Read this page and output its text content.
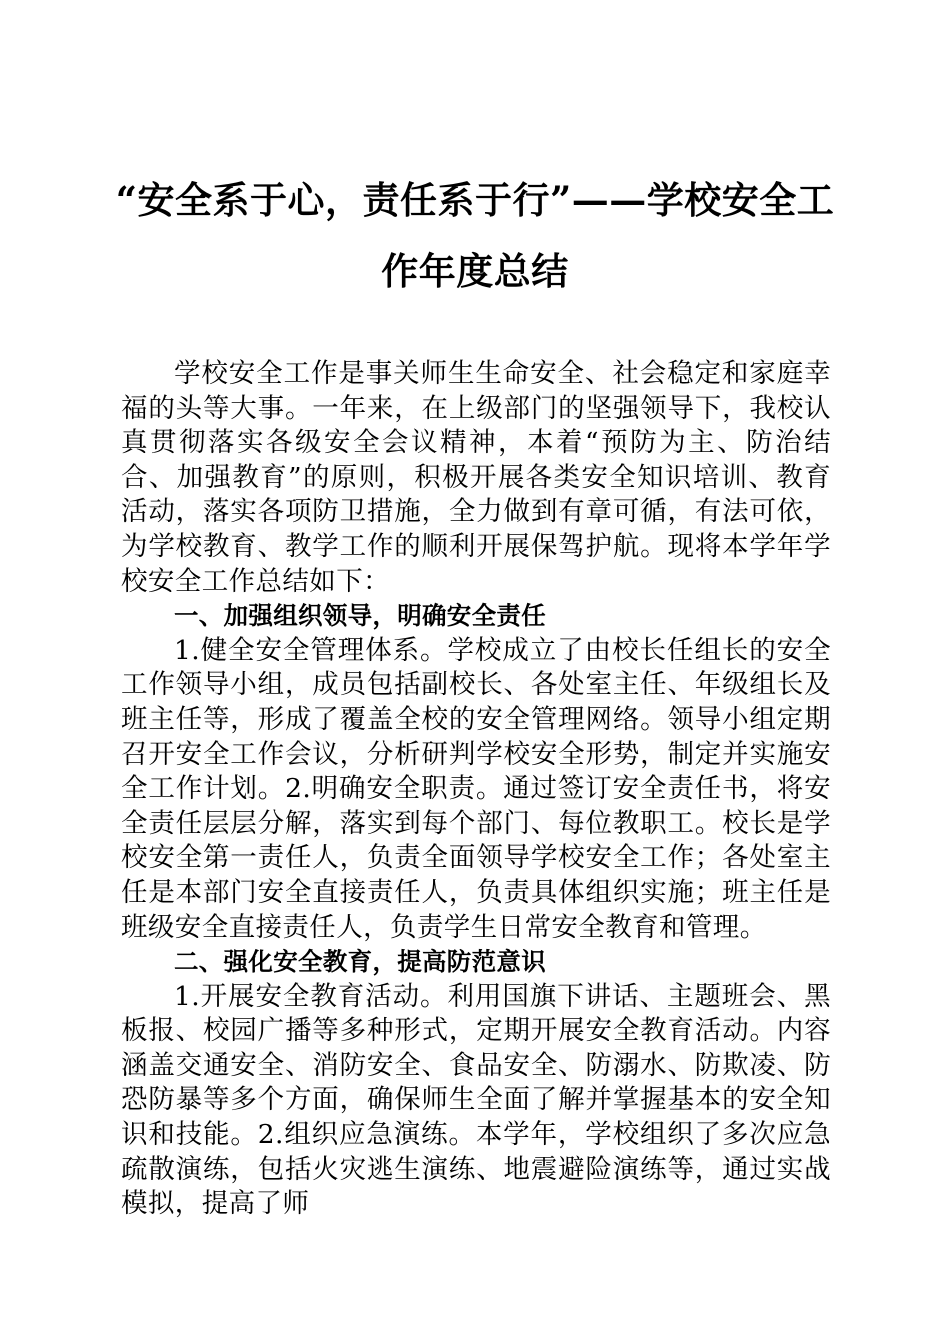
“安全系于心，责任系于行”——学校安全工
作年度总结

学校安全工作是事关师生生命安全、社会稳定和家庭幸福的头等大事。一年来，在上级部门的坚强领导下，我校认真贯彻落实各级安全会议精神，本着“预防为主、防治结合、加强教育”的原则，积极开展各类安全知识培训、教育活动，落实各项防卫措施，全力做到有章可循，有法可依，为学校教育、教学工作的顺利开展保驾护航。现将本学年学校安全工作总结如下：

一、加强组织领导，明确安全责任

1.健全安全管理体系。学校成立了由校长任组长的安全工作领导小组，成员包括副校长、各处室主任、年级组长及班主任等，形成了覆盖全校的安全管理网络。领导小组定期召开安全工作会议，分析研判学校安全形势，制定并实施安全工作计划。2.明确安全职责。通过签订安全责任书，将安全责任层层分解，落实到每个部门、每位教职工。校长是学校安全第一责任人，负责全面领导学校安全工作；各处室主任是本部门安全直接责任人，负责具体组织实施；班主任是班级安全直接责任人，负责学生日常安全教育和管理。

二、强化安全教育，提高防范意识

1.开展安全教育活动。利用国旗下讲话、主题班会、黑板报、校园广播等多种形式，定期开展安全教育活动。内容涵盖交通安全、消防安全、食品安全、防溺水、防欺凌、防恐防暴等多个方面，确保师生全面了解并掌握基本的安全知识和技能。2.组织应急演练。本学年，学校组织了多次应急疏散演练，包括火灾逃生演练、地震避险演练等，通过实战模拟，提高了师
